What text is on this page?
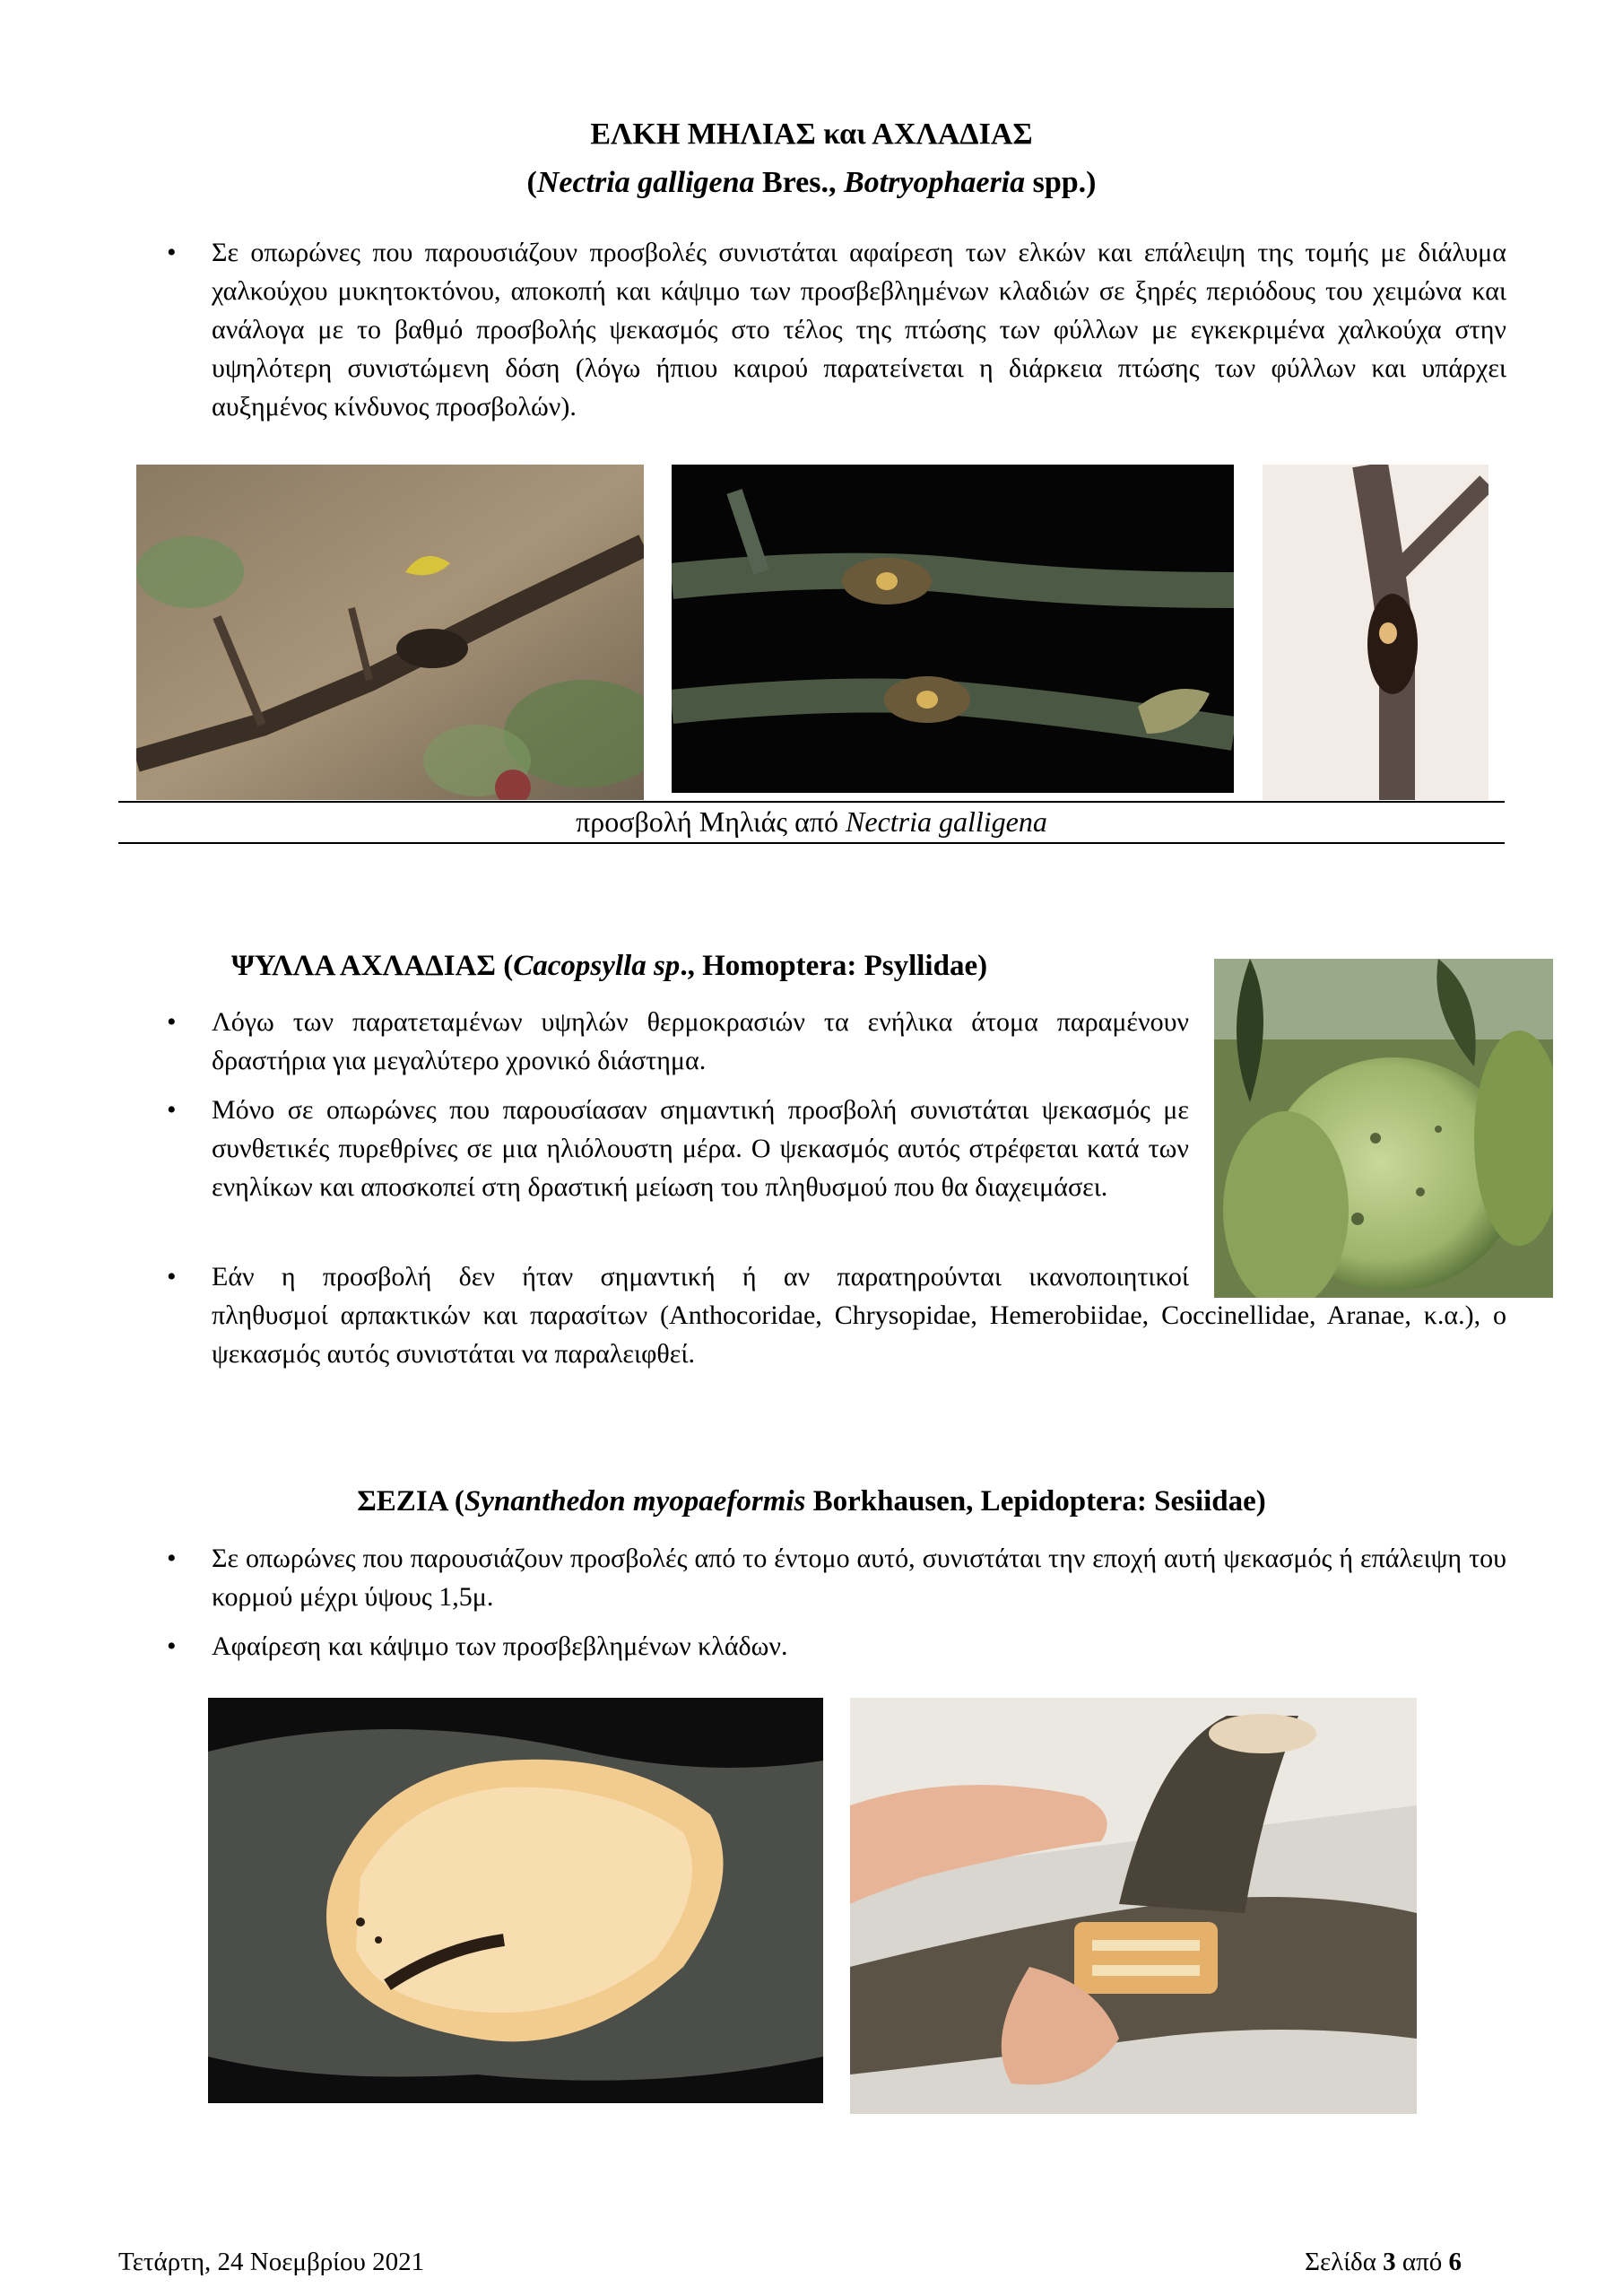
ΕΛΚΗ ΜΗΛΙΑΣ και ΑΧΛΑΔΙΑΣ
(Nectria galligena Bres., Botryophaeria spp.)
• Σε οπωρώνες που παρουσιάζουν προσβολές συνιστάται αφαίρεση των ελκών και επάλειψη της τομής με διάλυμα χαλκούχου μυκητοκτόνου, αποκοπή και κάψιμο των προσβεβλημένων κλαδιών σε ξηρές περιόδους του χειμώνα και ανάλογα με το βαθμό προσβολής ψεκασμός στο τέλος της πτώσης των φύλλων με εγκεκριμένα χαλκούχα στην υψηλότερη συνιστώμενη δόση (λόγω ήπιου καιρού παρατείνεται η διάρκεια πτώσης των φύλλων και υπάρχει αυξημένος κίνδυνος προσβολών).
προσβολή Μηλιάς από Nectria galligena
ΨΥΛΛΑ ΑΧΛΑΔΙΑΣ (Cacopsylla sp., Homoptera: Psyllidae)
• Λόγω των παρατεταμένων υψηλών θερμοκρασιών τα ενήλικα άτομα παραμένουν δραστήρια για μεγαλύτερο χρονικό διάστημα.
• Μόνο σε οπωρώνες που παρουσίασαν σημαντική προσβολή συνιστάται ψεκασμός με συνθετικές πυρεθρίνες σε μια ηλιόλουστη μέρα. Ο ψεκασμός αυτός στρέφεται κατά των ενηλίκων και αποσκοπεί στη δραστική μείωση του πληθυσμού που θα διαχειμάσει.
• Εάν η προσβολή δεν ήταν σημαντική ή αν παρατηρούνται ικανοποιητικοί
πληθυσμοί αρπακτικών και παρασίτων (Anthocoridae, Chrysopidae, Hemerobiidae, Coccinellidae, Aranae, κ.α.), ο ψεκασμός αυτός συνιστάται να παραλειφθεί.
ΣΕΖΙΑ (Synanthedon myopaeformis Borkhausen, Lepidoptera: Sesiidae)
• Σε οπωρώνες που παρουσιάζουν προσβολές από το έντομο αυτό, συνιστάται την εποχή αυτή ψεκασμός ή επάλειψη του κορμού μέχρι ύψους 1,5μ.
• Αφαίρεση και κάψιμο των προσβεβλημένων κλάδων.
Τετάρτη, 24 Νοεμβρίου 2021	Σελίδα 3 από 6
